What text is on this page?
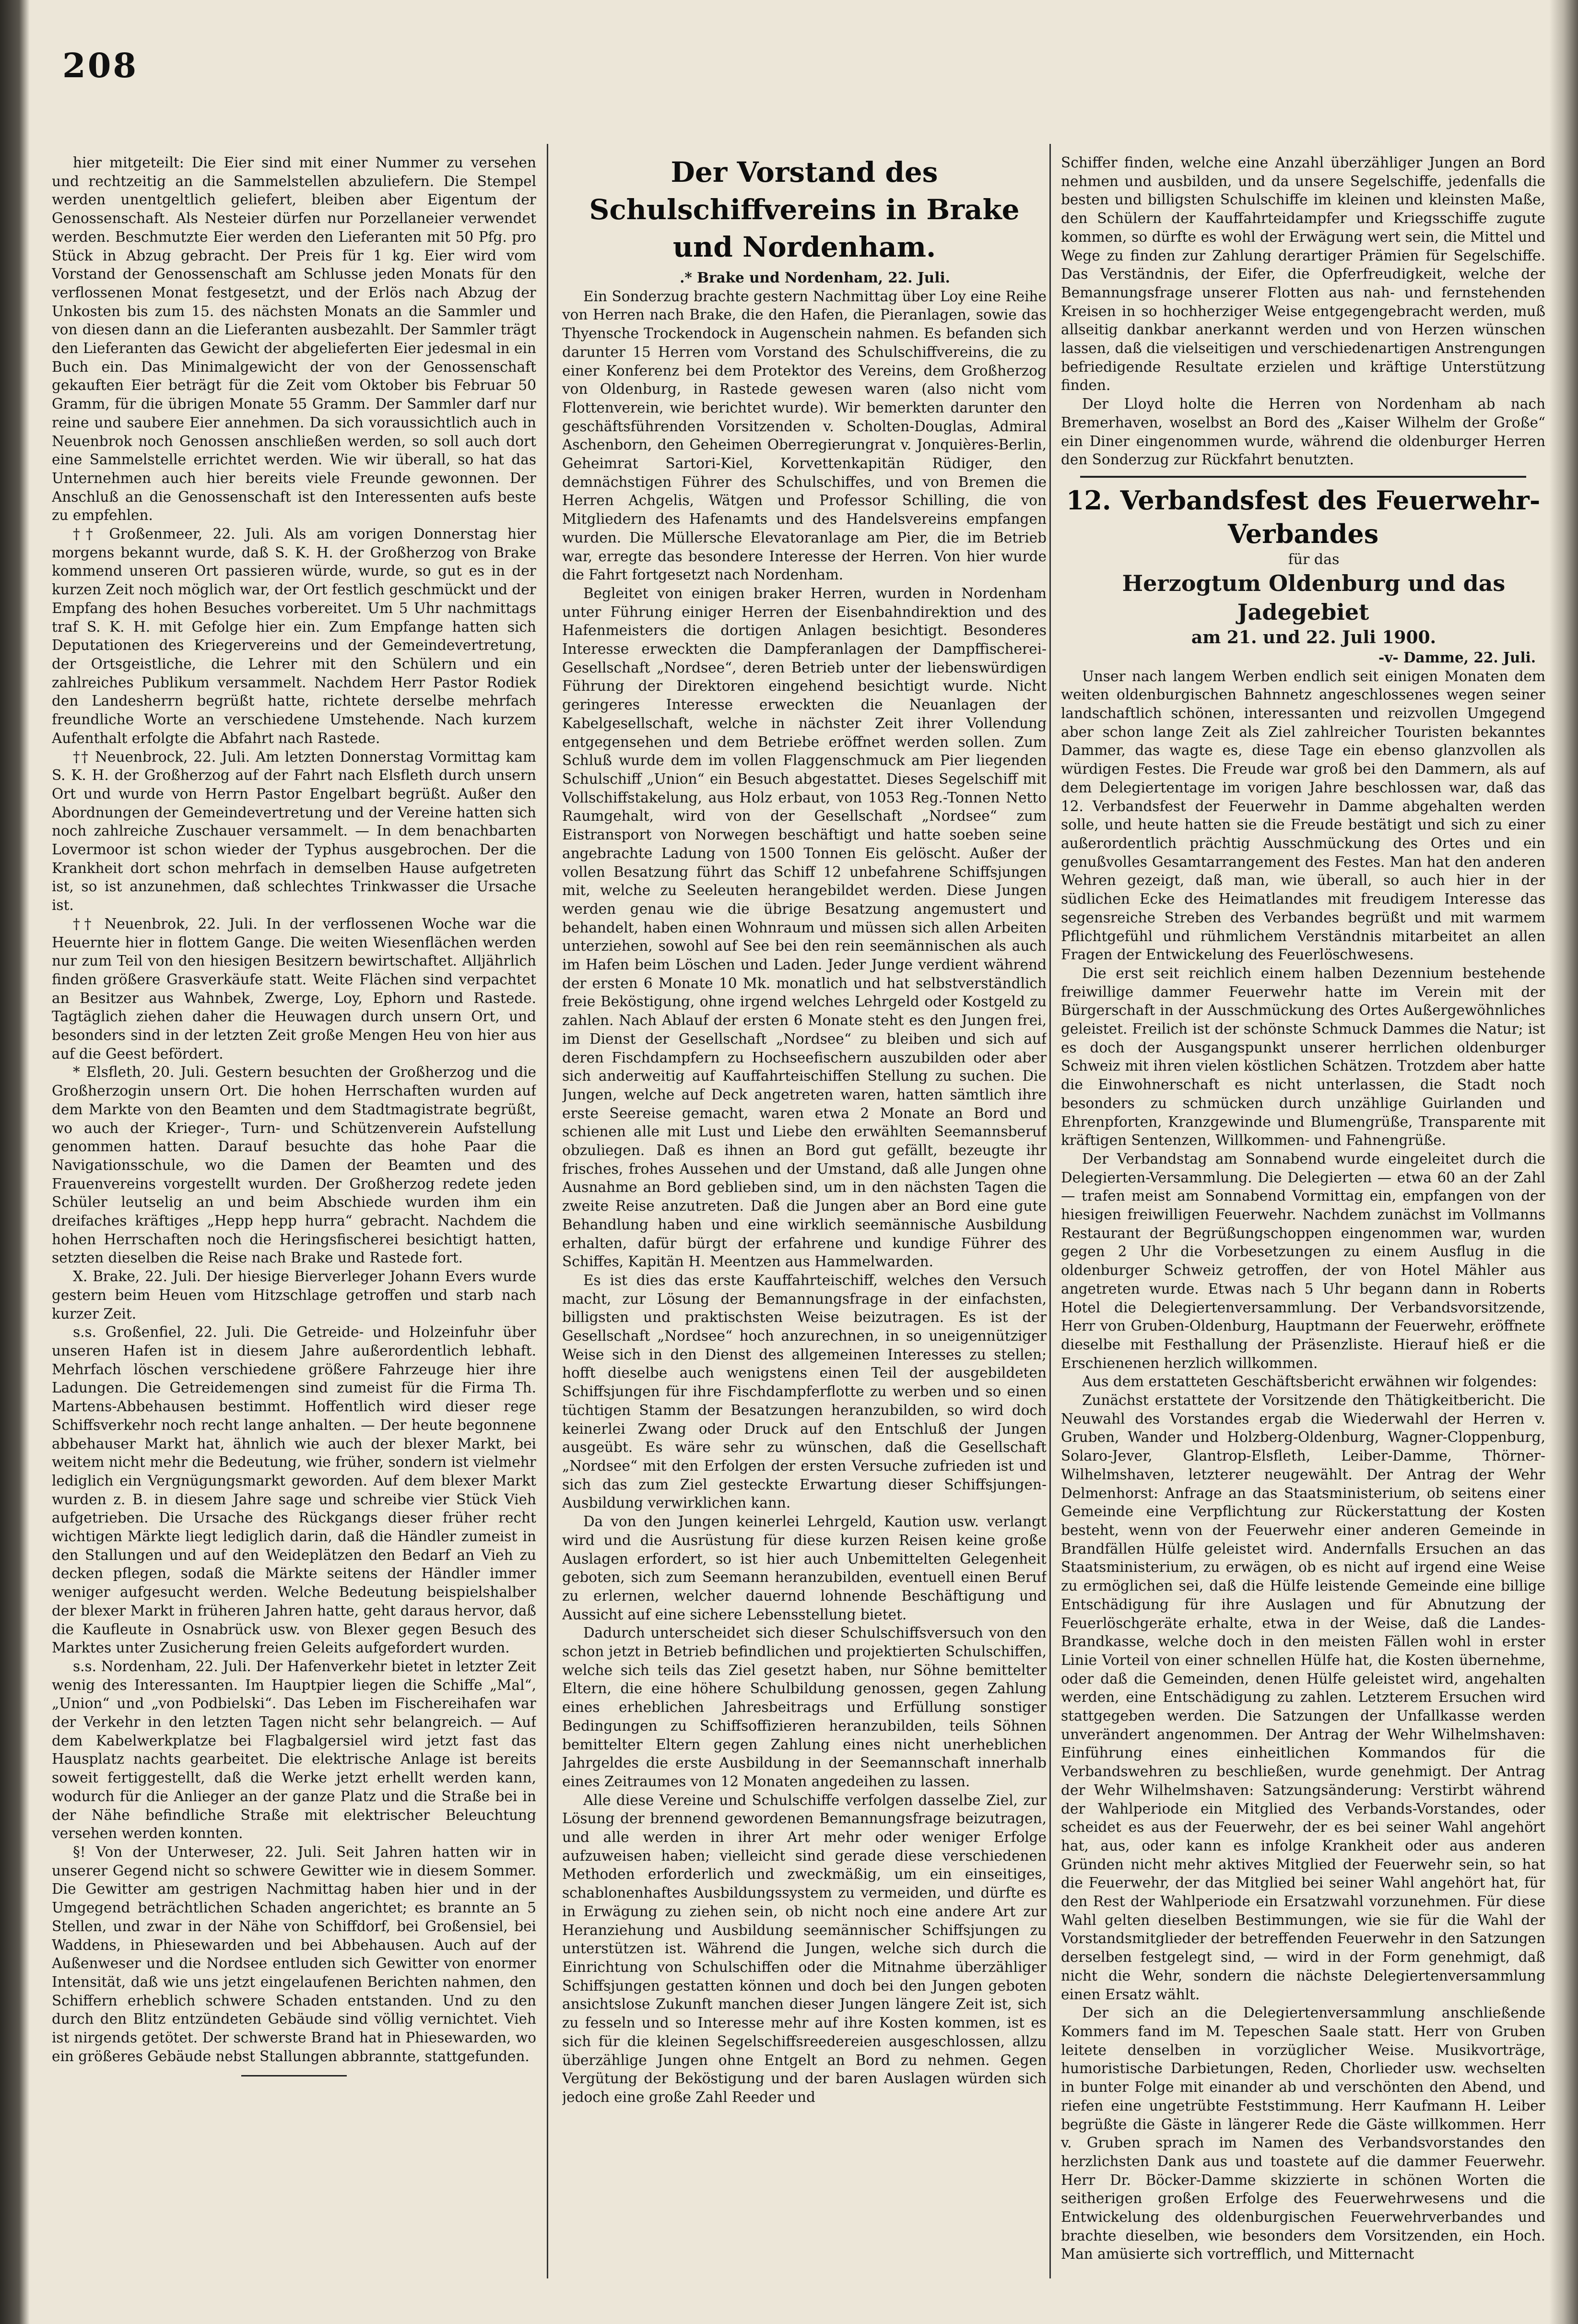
208

hier mitgeteilt: Die Eier sind mit einer Nummer zu versehen und rechtzeitig an die Sammelstellen abzuliefern. Die Stempel werden unentgeltlich geliefert, bleiben aber Eigentum der Genossenschaft. Als Nesteier dürfen nur Porzellaneier verwendet werden. Beschmutzte Eier werden den Lieferanten mit 50 Pfg. pro Stück in Abzug gebracht. Der Preis für 1 kg. Eier wird vom Vorstand der Genossenschaft am Schlusse jeden Monats für den verflossenen Monat festgesetzt, und der Erlös nach Abzug der Unkosten bis zum 15. des nächsten Monats an die Sammler und von diesen dann an die Lieferanten ausbezahlt. Der Sammler trägt den Lieferanten das Gewicht der abgelieferten Eier jedesmal in ein Buch ein. Das Minimalgewicht der von der Genossenschaft gekauften Eier beträgt für die Zeit vom Oktober bis Februar 50 Gramm, für die übrigen Monate 55 Gramm. Der Sammler darf nur reine und saubere Eier annehmen. Da sich voraussichtlich auch in Neuenbrok noch Genossen anschließen werden, so soll auch dort eine Sammelstelle errichtet werden. Wie wir überall, so hat das Unternehmen auch hier bereits viele Freunde gewonnen. Der Anschluß an die Genossenschaft ist den Interessenten aufs beste zu empfehlen.

†† Großenmeer, 22. Juli. Als am vorigen Donnerstag hier morgens bekannt wurde, daß S. K. H. der Großherzog von Brake kommend unseren Ort passieren würde, wurde, so gut es in der kurzen Zeit noch möglich war, der Ort festlich geschmückt und der Empfang des hohen Besuches vorbereitet. Um 5 Uhr nachmittags traf S. K. H. mit Gefolge hier ein. Zum Empfange hatten sich Deputationen des Kriegervereins und der Gemeindevertretung, der Ortsgeistliche, die Lehrer mit den Schülern und ein zahlreiches Publikum versammelt. Nachdem Herr Pastor Rodiek den Landesherrn begrüßt hatte, richtete derselbe mehrfach freundliche Worte an verschiedene Umstehende. Nach kurzem Aufenthalt erfolgte die Abfahrt nach Rastede.

†† Neuenbrock, 22. Juli. Am letzten Donnerstag Vormittag kam S. K. H. der Großherzog auf der Fahrt nach Elsfleth durch unsern Ort und wurde von Herrn Pastor Engelbart begrüßt. Außer den Abordnungen der Gemeindevertretung und der Vereine hatten sich noch zahlreiche Zuschauer versammelt. — In dem benachbarten Lovermoor ist schon wieder der Typhus ausgebrochen. Der die Krankheit dort schon mehrfach in demselben Hause aufgetreten ist, so ist anzunehmen, daß schlechtes Trinkwasser die Ursache ist.

†† Neuenbrok, 22. Juli. In der verflossenen Woche war die Heuernte hier in flottem Gange. Die weiten Wiesenflächen werden nur zum Teil von den hiesigen Besitzern bewirtschaftet. Alljährlich finden größere Grasverkäufe statt. Weite Flächen sind verpachtet an Besitzer aus Wahnbek, Zwerge, Loy, Ephorn und Rastede. Tagtäglich ziehen daher die Heuwagen durch unsern Ort, und besonders sind in der letzten Zeit große Mengen Heu von hier aus auf die Geest befördert.

* Elsfleth, 20. Juli. Gestern besuchten der Großherzog und die Großherzogin unsern Ort. Die hohen Herrschaften wurden auf dem Markte von den Beamten und dem Stadtmagistrate begrüßt, wo auch der Krieger-, Turn- und Schützenverein Aufstellung genommen hatten. Darauf besuchte das hohe Paar die Navigationsschule, wo die Damen der Beamten und des Frauenvereins vorgestellt wurden. Der Großherzog redete jeden Schüler leutselig an und beim Abschiede wurden ihm ein dreifaches kräftiges „Hepp hepp hurra“ gebracht. Nachdem die hohen Herrschaften noch die Heringsfischerei besichtigt hatten, setzten dieselben die Reise nach Brake und Rastede fort.

X. Brake, 22. Juli. Der hiesige Bierverleger Johann Evers wurde gestern beim Heuen vom Hitzschlage getroffen und starb nach kurzer Zeit.

s.s. Großenfiel, 22. Juli. Die Getreide- und Holzeinfuhr über unseren Hafen ist in diesem Jahre außerordentlich lebhaft. Mehrfach löschen verschiedene größere Fahrzeuge hier ihre Ladungen. Die Getreidemengen sind zumeist für die Firma Th. Martens-Abbehausen bestimmt. Hoffentlich wird dieser rege Schiffsverkehr noch recht lange anhalten. — Der heute begonnene abbehauser Markt hat, ähnlich wie auch der blexer Markt, bei weitem nicht mehr die Bedeutung, wie früher, sondern ist vielmehr lediglich ein Vergnügungsmarkt geworden. Auf dem blexer Markt wurden z. B. in diesem Jahre sage und schreibe vier Stück Vieh aufgetrieben. Die Ursache des Rückgangs dieser früher recht wichtigen Märkte liegt lediglich darin, daß die Händler zumeist in den Stallungen und auf den Weideplätzen den Bedarf an Vieh zu decken pflegen, sodaß die Märkte seitens der Händler immer weniger aufgesucht werden. Welche Bedeutung beispielshalber der blexer Markt in früheren Jahren hatte, geht daraus hervor, daß die Kaufleute in Osnabrück usw. von Blexer gegen Besuch des Marktes unter Zusicherung freien Geleits aufgefordert wurden.

s.s. Nordenham, 22. Juli. Der Hafenverkehr bietet in letzter Zeit wenig des Interessanten. Im Hauptpier liegen die Schiffe „Mal“, „Union“ und „von Podbielski“. Das Leben im Fischereihafen war der Verkehr in den letzten Tagen nicht sehr belangreich. — Auf dem Kabelwerkplatze bei Flagbalgersiel wird jetzt fast das Hausplatz nachts gearbeitet. Die elektrische Anlage ist bereits soweit fertiggestellt, daß die Werke jetzt erhellt werden kann, wodurch für die Anlieger an der ganze Platz und die Straße bei in der Nähe befindliche Straße mit elektrischer Beleuchtung versehen werden konnten.

§! Von der Unterweser, 22. Juli. Seit Jahren hatten wir in unserer Gegend nicht so schwere Gewitter wie in diesem Sommer. Die Gewitter am gestrigen Nachmittag haben hier und in der Umgegend beträchtlichen Schaden angerichtet; es brannte an 5 Stellen, und zwar in der Nähe von Schiffdorf, bei Großensiel, bei Waddens, in Phiesewarden und bei Abbehausen. Auch auf der Außenweser und die Nordsee entluden sich Gewitter von enormer Intensität, daß wie uns jetzt eingelaufenen Berichten nahmen, den Schiffern erheblich schwere Schaden entstanden. Und zu den durch den Blitz entzündeten Gebäude sind völlig vernichtet. Vieh ist nirgends getötet. Der schwerste Brand hat in Phiesewarden, wo ein größeres Gebäude nebst Stallungen abbrannte, stattgefunden.

Der Vorstand des Schulschiffvereins in Brake und Nordenham.

.* Brake und Nordenham, 22. Juli.

Ein Sonderzug brachte gestern Nachmittag über Loy eine Reihe von Herren nach Brake, die den Hafen, die Pieranlagen, sowie das Thyensche Trockendock in Augenschein nahmen. Es befanden sich darunter 15 Herren vom Vorstand des Schulschiffvereins, die zu einer Konferenz bei dem Protektor des Vereins, dem Großherzog von Oldenburg, in Rastede gewesen waren (also nicht vom Flottenverein, wie berichtet wurde). Wir bemerkten darunter den geschäftsführenden Vorsitzenden v. Scholten-Douglas, Admiral Aschenborn, den Geheimen Oberregierungrat v. Jonquières-Berlin, Geheimrat Sartori-Kiel, Korvettenkapitän Rüdiger, den demnächstigen Führer des Schulschiffes, und von Bremen die Herren Achgelis, Wätgen und Professor Schilling, die von Mitgliedern des Hafenamts und des Handelsvereins empfangen wurden. Die Müllersche Elevatoranlage am Pier, die im Betrieb war, erregte das besondere Interesse der Herren. Von hier wurde die Fahrt fortgesetzt nach Nordenham.

Begleitet von einigen braker Herren, wurden in Nordenham unter Führung einiger Herren der Eisenbahndirektion und des Hafenmeisters die dortigen Anlagen besichtigt. Besonderes Interesse erweckten die Dampferanlagen der Dampffischerei-Gesellschaft „Nordsee“, deren Betrieb unter der liebenswürdigen Führung der Direktoren eingehend besichtigt wurde. Nicht geringeres Interesse erweckten die Neuanlagen der Kabelgesellschaft, welche in nächster Zeit ihrer Vollendung entgegensehen und dem Betriebe eröffnet werden sollen. Zum Schluß wurde dem im vollen Flaggenschmuck am Pier liegenden Schulschiff „Union“ ein Besuch abgestattet. Dieses Segelschiff mit Vollschiffstakelung, aus Holz erbaut, von 1053 Reg.-Tonnen Netto Raumgehalt, wird von der Gesellschaft „Nordsee“ zum Eistransport von Norwegen beschäftigt und hatte soeben seine angebrachte Ladung von 1500 Tonnen Eis gelöscht. Außer der vollen Besatzung führt das Schiff 12 unbefahrene Schiffsjungen mit, welche zu Seeleuten herangebildet werden. Diese Jungen werden genau wie die übrige Besatzung angemustert und behandelt, haben einen Wohnraum und müssen sich allen Arbeiten unterziehen, sowohl auf See bei den rein seemännischen als auch im Hafen beim Löschen und Laden. Jeder Junge verdient während der ersten 6 Monate 10 Mk. monatlich und hat selbstverständlich freie Beköstigung, ohne irgend welches Lehrgeld oder Kostgeld zu zahlen. Nach Ablauf der ersten 6 Monate steht es den Jungen frei, im Dienst der Gesellschaft „Nordsee“ zu bleiben und sich auf deren Fischdampfern zu Hochseefischern auszubilden oder aber sich anderweitig auf Kauffahrteischiffen Stellung zu suchen. Die Jungen, welche auf Deck angetreten waren, hatten sämtlich ihre erste Seereise gemacht, waren etwa 2 Monate an Bord und schienen alle mit Lust und Liebe den erwählten Seemannsberuf obzuliegen. Daß es ihnen an Bord gut gefällt, bezeugte ihr frisches, frohes Aussehen und der Umstand, daß alle Jungen ohne Ausnahme an Bord geblieben sind, um in den nächsten Tagen die zweite Reise anzutreten. Daß die Jungen aber an Bord eine gute Behandlung haben und eine wirklich seemännische Ausbildung erhalten, dafür bürgt der erfahrene und kundige Führer des Schiffes, Kapitän H. Meentzen aus Hammelwarden.

Es ist dies das erste Kauffahrteischiff, welches den Versuch macht, zur Lösung der Bemannungsfrage in der einfachsten, billigsten und praktischsten Weise beizutragen. Es ist der Gesellschaft „Nordsee“ hoch anzurechnen, in so uneigennütziger Weise sich in den Dienst des allgemeinen Interesses zu stellen; hofft dieselbe auch wenigstens einen Teil der ausgebildeten Schiffsjungen für ihre Fischdampferflotte zu werben und so einen tüchtigen Stamm der Besatzungen heranzubilden, so wird doch keinerlei Zwang oder Druck auf den Entschluß der Jungen ausgeübt. Es wäre sehr zu wünschen, daß die Gesellschaft „Nordsee“ mit den Erfolgen der ersten Versuche zufrieden ist und sich das zum Ziel gesteckte Erwartung dieser Schiffsjungen-Ausbildung verwirklichen kann.

Da von den Jungen keinerlei Lehrgeld, Kaution usw. verlangt wird und die Ausrüstung für diese kurzen Reisen keine große Auslagen erfordert, so ist hier auch Unbemittelten Gelegenheit geboten, sich zum Seemann heranzubilden, eventuell einen Beruf zu erlernen, welcher dauernd lohnende Beschäftigung und Aussicht auf eine sichere Lebensstellung bietet.

Dadurch unterscheidet sich dieser Schulschiffsversuch von den schon jetzt in Betrieb befindlichen und projektierten Schulschiffen, welche sich teils das Ziel gesetzt haben, nur Söhne bemittelter Eltern, die eine höhere Schulbildung genossen, gegen Zahlung eines erheblichen Jahresbeitrags und Erfüllung sonstiger Bedingungen zu Schiffsoffizieren heranzubilden, teils Söhnen bemittelter Eltern gegen Zahlung eines nicht unerheblichen Jahrgeldes die erste Ausbildung in der Seemannschaft innerhalb eines Zeitraumes von 12 Monaten angedeihen zu lassen.

Alle diese Vereine und Schulschiffe verfolgen dasselbe Ziel, zur Lösung der brennend gewordenen Bemannungsfrage beizutragen, und alle werden in ihrer Art mehr oder weniger Erfolge aufzuweisen haben; vielleicht sind gerade diese verschiedenen Methoden erforderlich und zweckmäßig, um ein einseitiges, schablonenhaftes Ausbildungssystem zu vermeiden, und dürfte es in Erwägung zu ziehen sein, ob nicht noch eine andere Art zur Heranziehung und Ausbildung seemännischer Schiffsjungen zu unterstützen ist. Während die Jungen, welche sich durch die Einrichtung von Schulschiffen oder die Mitnahme überzähliger Schiffsjungen gestatten können und doch bei den Jungen geboten ansichtslose Zukunft manchen dieser Jungen längere Zeit ist, sich zu fesseln und so Interesse mehr auf ihre Kosten kommen, ist es sich für die kleinen Segelschiffsreedereien ausgeschlossen, allzu überzählige Jungen ohne Entgelt an Bord zu nehmen. Gegen Vergütung der Beköstigung und der baren Auslagen würden sich jedoch eine große Zahl Reeder und

Schiffer finden, welche eine Anzahl überzähliger Jungen an Bord nehmen und ausbilden, und da unsere Segelschiffe, jedenfalls die besten und billigsten Schulschiffe im kleinen und kleinsten Maße, den Schülern der Kauffahrteidampfer und Kriegsschiffe zugute kommen, so dürfte es wohl der Erwägung wert sein, die Mittel und Wege zu finden zur Zahlung derartiger Prämien für Segelschiffe. Das Verständnis, der Eifer, die Opferfreudigkeit, welche der Bemannungsfrage unserer Flotten aus nah- und fernstehenden Kreisen in so hochherziger Weise entgegengebracht werden, muß allseitig dankbar anerkannt werden und von Herzen wünschen lassen, daß die vielseitigen und verschiedenartigen Anstrengungen befriedigende Resultate erzielen und kräftige Unterstützung finden.

Der Lloyd holte die Herren von Nordenham ab nach Bremerhaven, woselbst an Bord des „Kaiser Wilhelm der Große“ ein Diner eingenommen wurde, während die oldenburger Herren den Sonderzug zur Rückfahrt benutzten.

12. Verbandsfest des Feuerwehr-Verbandes

für das

Herzogtum Oldenburg und das Jadegebiet

am 21. und 22. Juli 1900.

-v- Damme, 22. Juli.

Unser nach langem Werben endlich seit einigen Monaten dem weiten oldenburgischen Bahnnetz angeschlossenes wegen seiner landschaftlich schönen, interessanten und reizvollen Umgegend aber schon lange Zeit als Ziel zahlreicher Touristen bekanntes Dammer, das wagte es, diese Tage ein ebenso glanzvollen als würdigen Festes. Die Freude war groß bei den Dammern, als auf dem Delegiertentage im vorigen Jahre beschlossen war, daß das 12. Verbandsfest der Feuerwehr in Damme abgehalten werden solle, und heute hatten sie die Freude bestätigt und sich zu einer außerordentlich prächtig Ausschmückung des Ortes und ein genußvolles Gesamtarrangement des Festes. Man hat den anderen Wehren gezeigt, daß man, wie überall, so auch hier in der südlichen Ecke des Heimatlandes mit freudigem Interesse das segensreiche Streben des Verbandes begrüßt und mit warmem Pflichtgefühl und rühmlichem Verständnis mitarbeitet an allen Fragen der Entwickelung des Feuerlöschwesens.

Die erst seit reichlich einem halben Dezennium bestehende freiwillige dammer Feuerwehr hatte im Verein mit der Bürgerschaft in der Ausschmückung des Ortes Außergewöhnliches geleistet. Freilich ist der schönste Schmuck Dammes die Natur; ist es doch der Ausgangspunkt unserer herrlichen oldenburger Schweiz mit ihren vielen köstlichen Schätzen. Trotzdem aber hatte die Einwohnerschaft es nicht unterlassen, die Stadt noch besonders zu schmücken durch unzählige Guirlanden und Ehrenpforten, Kranzgewinde und Blumengrüße, Transparente mit kräftigen Sentenzen, Willkommen- und Fahnengrüße.

Der Verbandstag am Sonnabend wurde eingeleitet durch die Delegierten-Versammlung. Die Delegierten — etwa 60 an der Zahl — trafen meist am Sonnabend Vormittag ein, empfangen von der hiesigen freiwilligen Feuerwehr. Nachdem zunächst im Vollmanns Restaurant der Begrüßungschoppen eingenommen war, wurden gegen 2 Uhr die Vorbesetzungen zu einem Ausflug in die oldenburger Schweiz getroffen, der von Hotel Mähler aus angetreten wurde. Etwas nach 5 Uhr begann dann in Roberts Hotel die Delegiertenversammlung. Der Verbandsvorsitzende, Herr von Gruben-Oldenburg, Hauptmann der Feuerwehr, eröffnete dieselbe mit Festhallung der Präsenzliste. Hierauf hieß er die Erschienenen herzlich willkommen.

Aus dem erstatteten Geschäftsbericht erwähnen wir folgendes:

Zunächst erstattete der Vorsitzende den Thätigkeitbericht. Die Neuwahl des Vorstandes ergab die Wiederwahl der Herren v. Gruben, Wander und Holzberg-Oldenburg, Wagner-Cloppenburg, Solaro-Jever, Glantrop-Elsfleth, Leiber-Damme, Thörner-Wilhelmshaven, letzterer neugewählt. Der Antrag der Wehr Delmenhorst: Anfrage an das Staatsministerium, ob seitens einer Gemeinde eine Verpflichtung zur Rückerstattung der Kosten besteht, wenn von der Feuerwehr einer anderen Gemeinde in Brandfällen Hülfe geleistet wird. Andernfalls Ersuchen an das Staatsministerium, zu erwägen, ob es nicht auf irgend eine Weise zu ermöglichen sei, daß die Hülfe leistende Gemeinde eine billige Entschädigung für ihre Auslagen und für Abnutzung der Feuerlöschgeräte erhalte, etwa in der Weise, daß die Landes-Brandkasse, welche doch in den meisten Fällen wohl in erster Linie Vorteil von einer schnellen Hülfe hat, die Kosten übernehme, oder daß die Gemeinden, denen Hülfe geleistet wird, angehalten werden, eine Entschädigung zu zahlen. Letzterem Ersuchen wird stattgegeben werden. Die Satzungen der Unfallkasse werden unverändert angenommen. Der Antrag der Wehr Wilhelmshaven: Einführung eines einheitlichen Kommandos für die Verbandswehren zu beschließen, wurde genehmigt. Der Antrag der Wehr Wilhelmshaven: Satzungsänderung: Verstirbt während der Wahlperiode ein Mitglied des Verbands-Vorstandes, oder scheidet es aus der Feuerwehr, der es bei seiner Wahl angehört hat, aus, oder kann es infolge Krankheit oder aus anderen Gründen nicht mehr aktives Mitglied der Feuerwehr sein, so hat die Feuerwehr, der das Mitglied bei seiner Wahl angehört hat, für den Rest der Wahlperiode ein Ersatzwahl vorzunehmen. Für diese Wahl gelten dieselben Bestimmungen, wie sie für die Wahl der Vorstandsmitglieder der betreffenden Feuerwehr in den Satzungen derselben festgelegt sind, — wird in der Form genehmigt, daß nicht die Wehr, sondern die nächste Delegiertenversammlung einen Ersatz wählt.

Der sich an die Delegiertenversammlung anschließende Kommers fand im M. Tepeschen Saale statt. Herr von Gruben leitete denselben in vorzüglicher Weise. Musikvorträge, humoristische Darbietungen, Reden, Chorlieder usw. wechselten in bunter Folge mit einander ab und verschönten den Abend, und riefen eine ungetrübte Feststimmung. Herr Kaufmann H. Leiber begrüßte die Gäste in längerer Rede die Gäste willkommen. Herr v. Gruben sprach im Namen des Verbandsvorstandes den herzlichsten Dank aus und toastete auf die dammer Feuerwehr. Herr Dr. Böcker-Damme skizzierte in schönen Worten die seitherigen großen Erfolge des Feuerwehrwesens und die Entwickelung des oldenburgischen Feuerwehrverbandes und brachte dieselben, wie besonders dem Vorsitzenden, ein Hoch. Man amüsierte sich vortrefflich, und Mitternacht
